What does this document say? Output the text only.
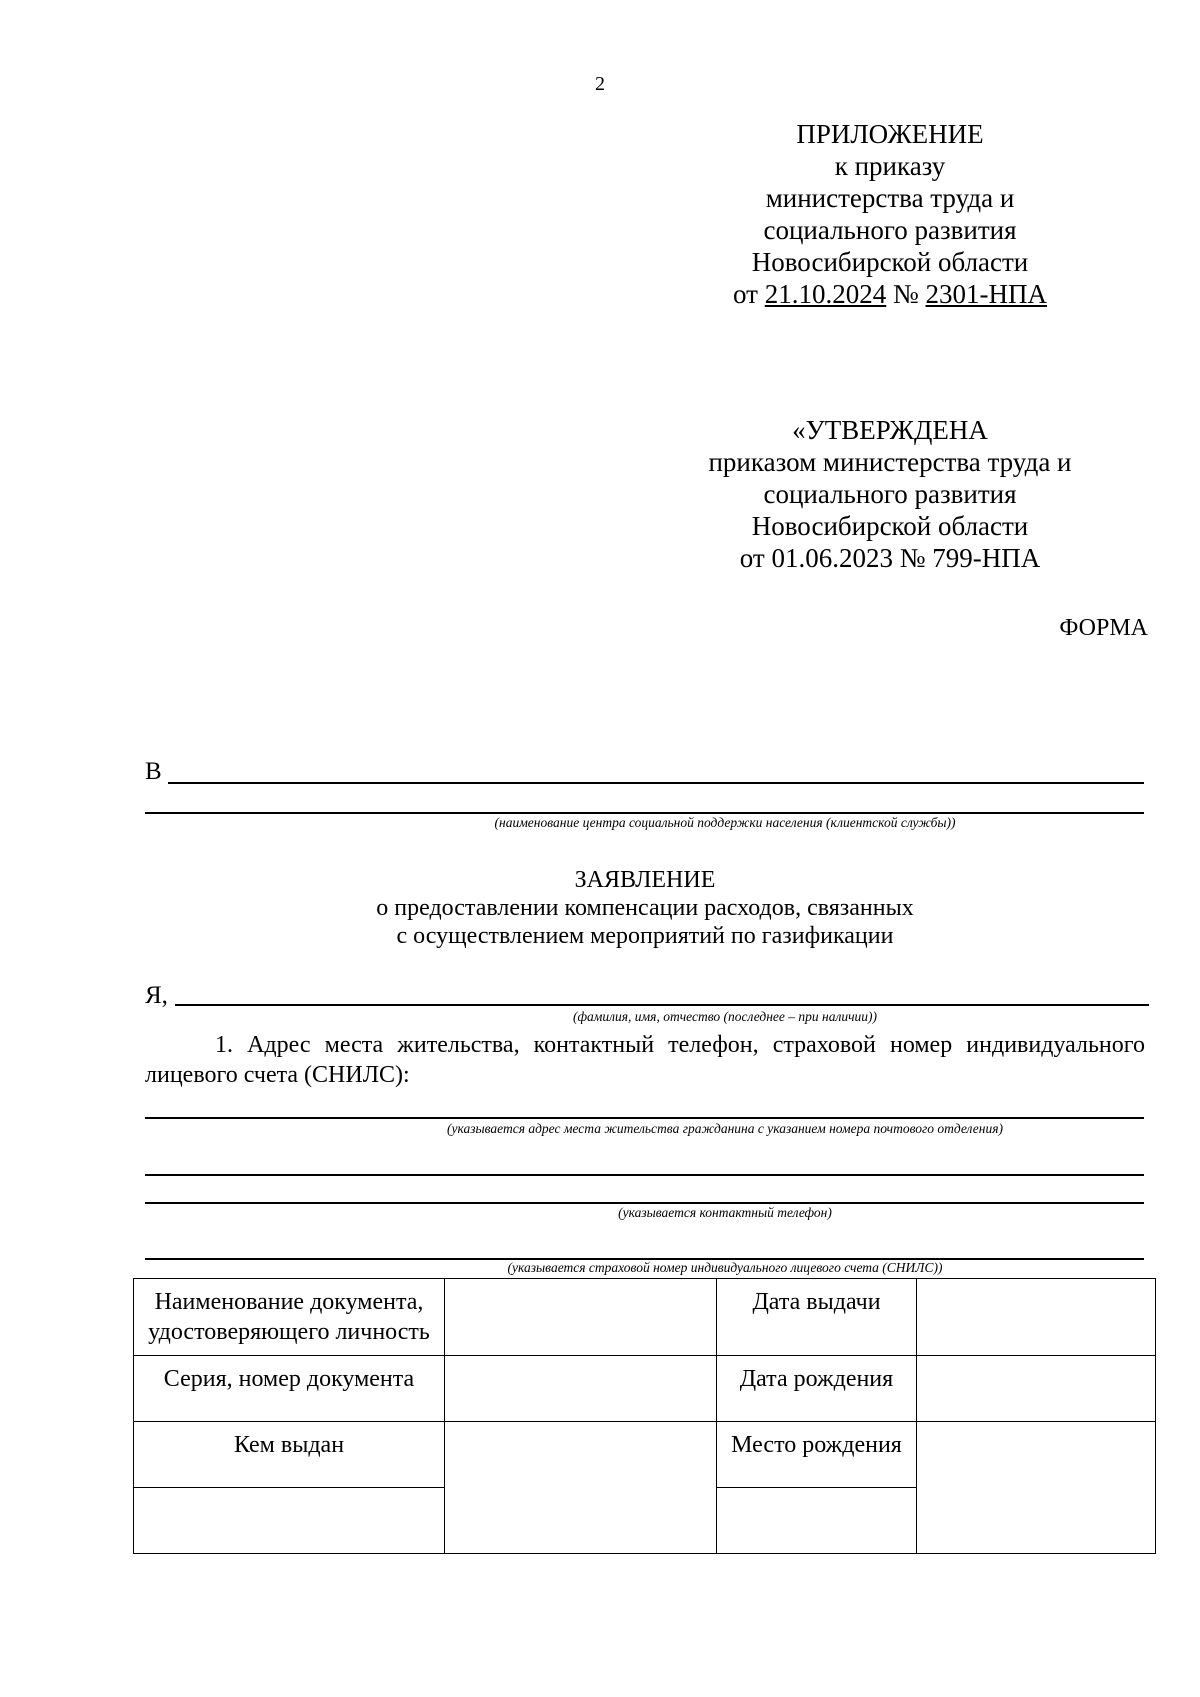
2
ПРИЛОЖЕНИЕ
к приказу
министерства труда и
социального развития
Новосибирской области
от 21.10.2024 № 2301-НПА
«УТВЕРЖДЕНА
приказом министерства труда и
социального развития
Новосибирской области
от 01.06.2023 № 799-НПА
ФОРМА
В
(наименование центра социальной поддержки населения (клиентской службы))
ЗАЯВЛЕНИЕ
о предоставлении компенсации расходов, связанных
с осуществлением мероприятий по газификации
Я,
(фамилия, имя, отчество (последнее – при наличии))
1. Адрес места жительства, контактный телефон, страховой номер индивидуального лицевого счета (СНИЛС):
(указывается адрес места жительства гражданина с указанием номера почтового отделения)
(указывается контактный телефон)
(указывается страховой номер индивидуального лицевого счета (СНИЛС))
Наименование документа, удостоверяющего личность		Дата выдачи	
Серия, номер документа		Дата рождения	
Кем выдан		Место рождения	
